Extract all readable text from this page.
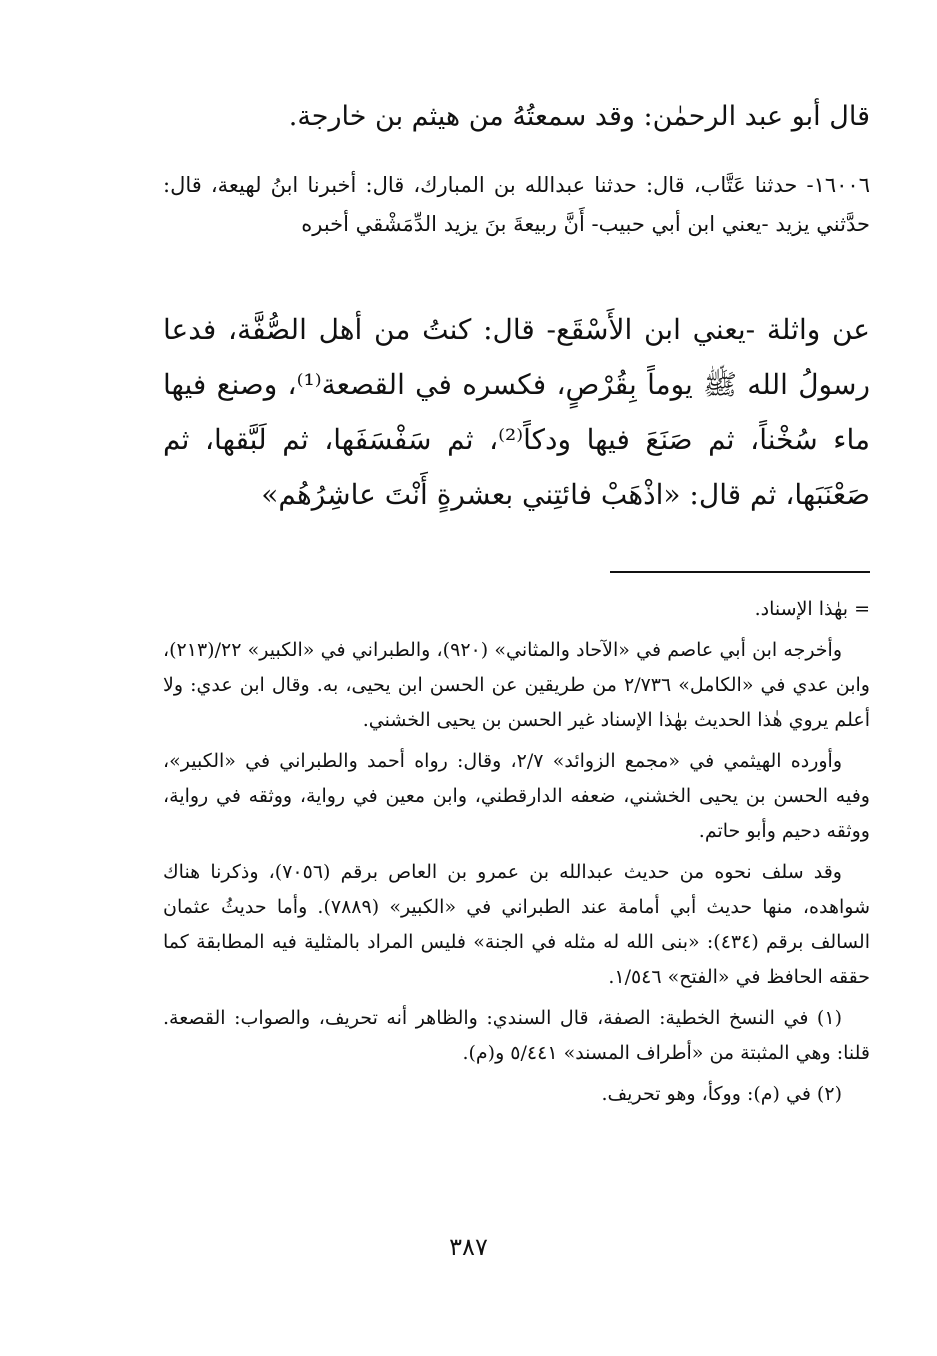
قال أبو عبد الرحمٰن: وقد سمعتُهُ من هيثم بن خارجة.

١٦٠٠٦- حدثنا عَتَّاب، قال: حدثنا عبدالله بن المبارك، قال: أخبرنا ابنُ لهيعة، قال: حدَّثني يزيد -يعني ابن أبي حبيب- أَنَّ ربيعةَ بنَ يزيد الدِّمَشْقي أخبره

عن واثلة -يعني ابن الأَسْقَع- قال: كنتُ من أهل الصُّفَّة، فدعا رسولُ الله ﷺ يوماً بِقُرْصٍ، فكسره في القصعة⁽¹⁾، وصنع فيها ماء سُخْناً، ثم صَنَعَ فيها ودكاً⁽²⁾، ثم سَفْسَفَها، ثم لَبَّقها، ثم صَعْنَبَها، ثم قال: «اذْهَبْ فائتِني بعشرةٍ أَنْتَ عاشِرُهُم»

= بهٰذا الإسناد.

وأخرجه ابن أبي عاصم في «الآحاد والمثاني» (٩٢٠)، والطبراني في «الكبير» ٢٢/(٢١٣)، وابن عدي في «الكامل» ٢/٧٣٦ من طريقين عن الحسن ابن يحيى، به. وقال ابن عدي: ولا أعلم يروي هٰذا الحديث بهٰذا الإسناد غير الحسن بن يحيى الخشني.

وأورده الهيثمي في «مجمع الزوائد» ٢/٧، وقال: رواه أحمد والطبراني في «الكبير»، وفيه الحسن بن يحيى الخشني، ضعفه الدارقطني، وابن معين في رواية، ووثقه في رواية، ووثقه دحيم وأبو حاتم.

وقد سلف نحوه من حديث عبدالله بن عمرو بن العاص برقم (٧٠٥٦)، وذكرنا هناك شواهده، منها حديث أبي أمامة عند الطبراني في «الكبير» (٧٨٨٩). وأما حديثُ عثمان السالف برقم (٤٣٤): «بنى الله له مثله في الجنة» فليس المراد بالمثلية فيه المطابقة كما حققه الحافظ في «الفتح» ١/٥٤٦.

(١) في النسخ الخطية: الصفة، قال السندي: والظاهر أنه تحريف، والصواب: القصعة. قلنا: وهي المثبتة من «أطراف المسند» ٥/٤٤١ و(م).

(٢) في (م): ووكأ، وهو تحريف.

٣٨٧
